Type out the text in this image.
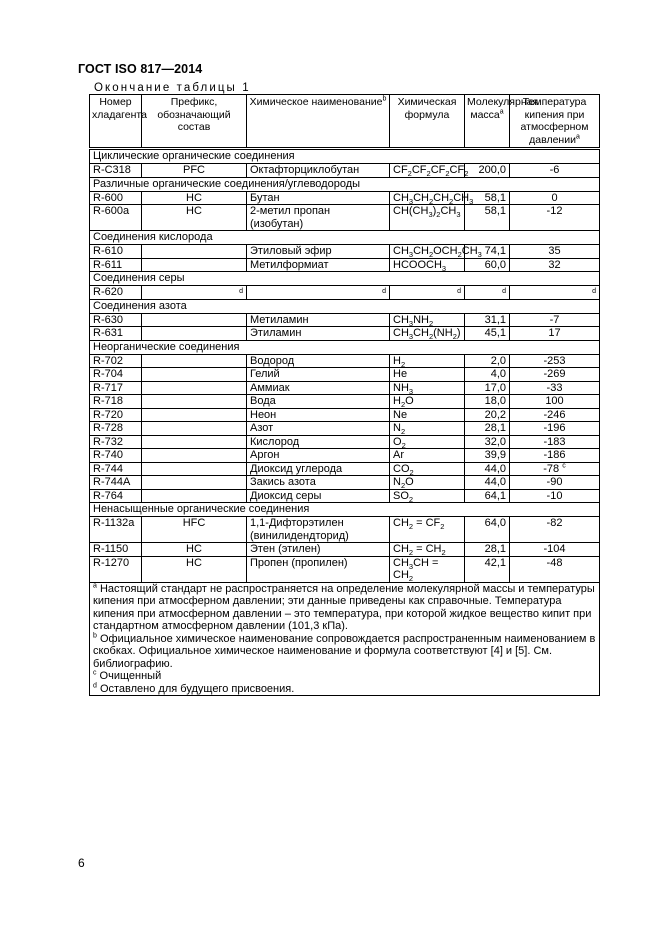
ГОСТ ISO 817—2014
Окончание таблицы 1
Номер хладагента	Префикс, обозначающий состав	Химическое наименование$^b$	Химическая формула	Молекулярная масса$^a$	Температура кипения при атмосферном давлении$^a$
Циклические органические соединения					
R-C318	PFC	Октафторциклобутан	$CF_2CF_2CF_2CF_2$	200,0	-6
Различные органические соединения/углеводороды					
R-600	HC	Бутан	$CH_3CH_2CH_2CH_3$	58,1	0
R-600a	HC	2-метил пропан (изобутан)	$CH(CH_3)_2CH_3$	58,1	-12
Соединения кислорода					
R-610		Этиловый эфир	$CH_3CH_2OCH_2CH_3$	74,1	35
R-611		Метилформиат	$HCOOCH_3$	60,0	32
Соединения серы					
R-620	d	d	d	d	d

Соединения азота					
R-630		Метиламин	$CH_3NH_2$	31,1	-7
R-631		Этиламин	$CH_3CH_2(NH_2)$	45,1	17
Неорганические соединения					
R-702		Водород	$H_2$	2,0	-253
R-704		Гелий	He	4,0	-269
R-717		Аммиак	$NH_3$	17,0	-33
R-718		Вода	$H_2O$	18,0	100
R-720		Неон	Ne	20,2	-246
R-728		Азот	$N_2$	28,1	-196
R-732		Кислород	$O_2$	32,0	-183
R-740		Аргон	Ar	39,9	-186
R-744		Диоксид углерода	$CO_2$	44,0	-78 $^c$
R-744A		Закись азота	$N_2O$	44,0	-90
R-764		Диоксид серы	$SO_2$	64,1	-10
Ненасыщенные органические соединения					
R-1132a	HFC	1,1-Дифторэтилен (винилидендторид)	$CH_2 = CF_2$	64,0	-82
R-1150	HC	Этен (этилен)	$CH_2 = CH_2$	28,1	-104
R-1270	HC	Пропен (пропилен)	$CH_3CH = CH_2$	42,1	-48

$^a$ Настоящий стандарт не распространяется на определение молекулярной массы и температуры кипения при атмосферном давлении; эти данные приведены как справочные. Температура кипения при атмосферном давлении – это температура, при которой жидкое вещество кипит при стандартном атмосферном давлении (101,3 кПа).
$^b$ Официальное химическое наименование сопровождается распространенным наименованием в скобках. Официальное химическое наименование и формула соответствуют [4] и [5]. См. библиографию.
$^c$ Очищенный
$^d$ Оставлено для будущего присвоения.					
6
